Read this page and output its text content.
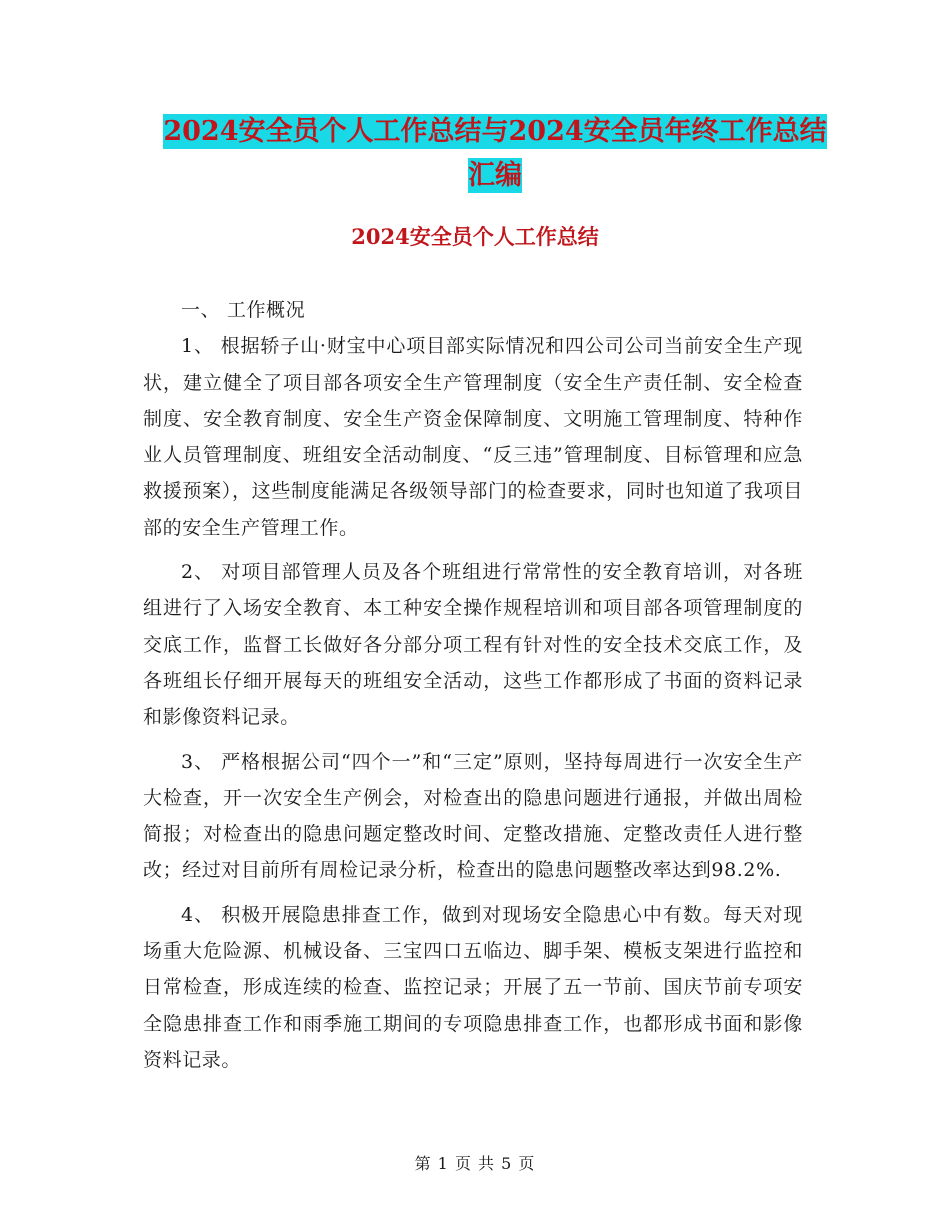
2024安全员个人工作总结与2024安全员年终工作总结
汇编
2024安全员个人工作总结

一、 工作概况

1、 根据轿子山·财宝中心项目部实际情况和四公司公司当前安全生产现状，建立健全了项目部各项安全生产管理制度（安全生产责任制、安全检查制度、安全教育制度、安全生产资金保障制度、文明施工管理制度、特种作业人员管理制度、班组安全活动制度、“反三违”管理制度、目标管理和应急救援预案），这些制度能满足各级领导部门的检查要求，同时也知道了我项目部的安全生产管理工作。

2、 对项目部管理人员及各个班组进行常常性的安全教育培训，对各班组进行了入场安全教育、本工种安全操作规程培训和项目部各项管理制度的交底工作，监督工长做好各分部分项工程有针对性的安全技术交底工作，及各班组长仔细开展每天的班组安全活动，这些工作都形成了书面的资料记录和影像资料记录。

3、 严格根据公司“四个一”和“三定”原则，坚持每周进行一次安全生产大检查，开一次安全生产例会，对检查出的隐患问题进行通报，并做出周检简报；对检查出的隐患问题定整改时间、定整改措施、定整改责任人进行整改；经过对目前所有周检记录分析，检查出的隐患问题整改率达到98.2%.

4、 积极开展隐患排查工作，做到对现场安全隐患心中有数。每天对现场重大危险源、机械设备、三宝四口五临边、脚手架、模板支架进行监控和日常检查，形成连续的检查、监控记录；开展了五一节前、国庆节前专项安全隐患排查工作和雨季施工期间的专项隐患排查工作，也都形成书面和影像资料记录。

第 1 页 共 5 页
